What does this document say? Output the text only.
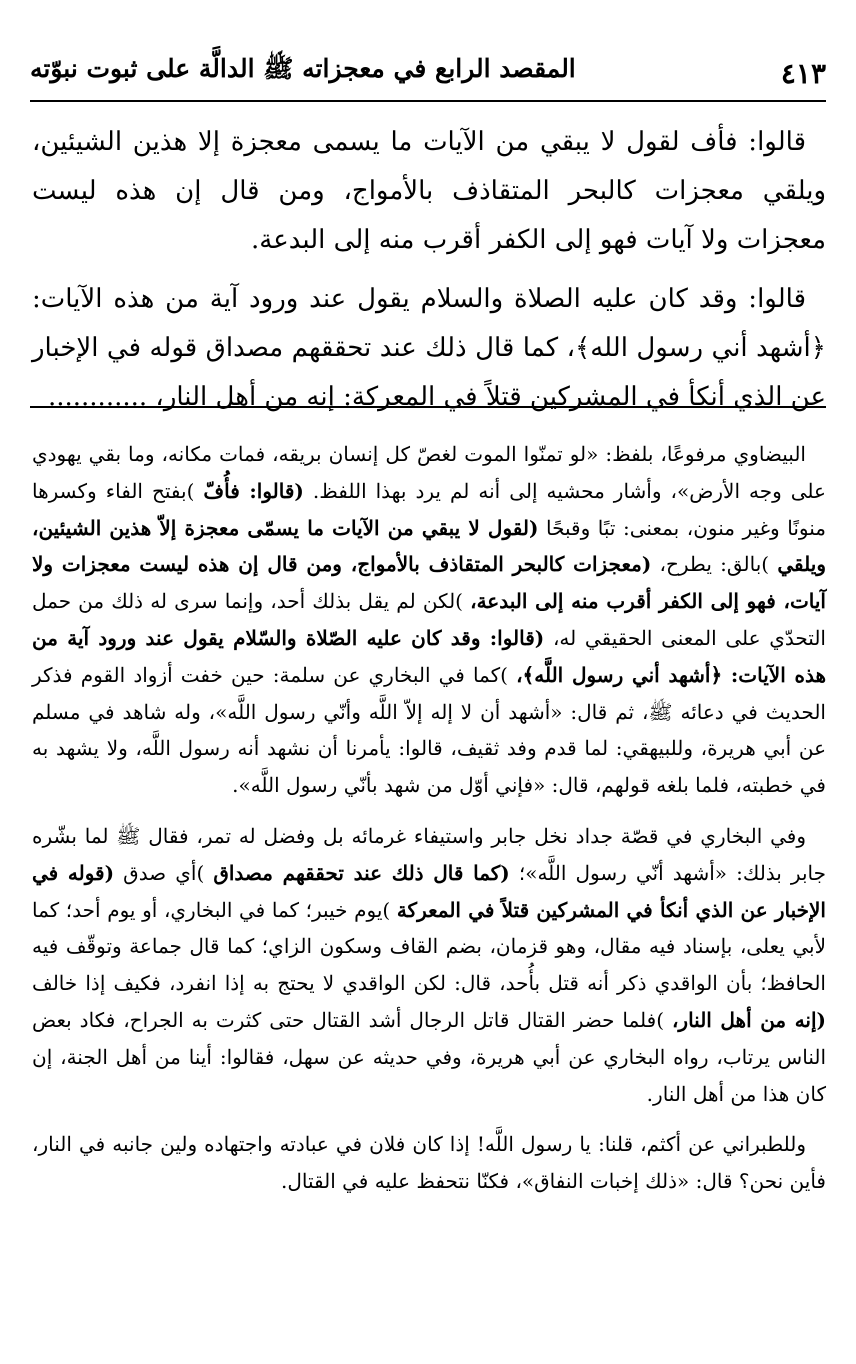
المقصد الرابع في معجزاته ﷺ الدالَّة على ثبوت نبوّته	٤١٣

قالوا: فأف لقول لا يبقي من الآيات ما يسمى معجزة إلا هذين الشيئين، ويلقي معجزات كالبحر المتقاذف بالأمواج، ومن قال إن هذه ليست معجزات ولا آيات فهو إلى الكفر أقرب منه إلى البدعة.

قالوا: وقد كان عليه الصلاة والسلام يقول عند ورود آية من هذه الآيات: ﴿أشهد أني رسول الله﴾، كما قال ذلك عند تحققهم مصداق قوله في الإخبار عن الذي أنكأ في المشركين قتلاً في المعركة: إنه من أهل النار، ............

البيضاوي مرفوعًا، بلفظ: «لو تمنّوا الموت لغصّ كل إنسان بريقه، فمات مكانه، وما بقي يهودي على وجه الأرض»، وأشار محشيه إلى أنه لم يرد بهذا اللفظ. (قالوا: فأُفّ )بفتح الفاء وكسرها منونًا وغير منون، بمعنى: تبًا وقبحًا (لقول لا يبقي من الآيات ما يسمّى معجزة إلاّ هذين الشيئين، ويلقي )بالق: يطرح، (معجزات كالبحر المتقاذف بالأمواج، ومن قال إن هذه ليست معجزات ولا آيات، فهو إلى الكفر أقرب منه إلى البدعة، )لكن لم يقل بذلك أحد، وإنما سرى له ذلك من حمل التحدّي على المعنى الحقيقي له، (قالوا: وقد كان عليه الصّلاة والسّلام يقول عند ورود آية من هذه الآيات: ﴿أشهد أني رسول اللَّه﴾، )كما في البخاري عن سلمة: حين خفت أزواد القوم فذكر الحديث في دعائه ﷺ، ثم قال: «أشهد أن لا إله إلاّ اللَّه وأنّي رسول اللَّه»، وله شاهد في مسلم عن أبي هريرة، وللبيهقي: لما قدم وفد ثقيف، قالوا: يأمرنا أن نشهد أنه رسول اللَّه، ولا يشهد به في خطبته، فلما بلغه قولهم، قال: «فإني أوّل من شهد بأنّي رسول اللَّه».

وفي البخاري في قصّة جداد نخل جابر واستيفاء غرمائه بل وفضل له تمر، فقال ﷺ لما بشّره جابر بذلك: «أشهد أنّي رسول اللَّه»؛ (كما قال ذلك عند تحققهم مصداق )أي صدق (قوله في الإخبار عن الذي أنكأ في المشركين قتلاً في المعركة )يوم خيبر؛ كما في البخاري، أو يوم أحد؛ كما لأبي يعلى، بإسناد فيه مقال، وهو قزمان، بضم القاف وسكون الزاي؛ كما قال جماعة وتوقّف فيه الحافظ؛ بأن الواقدي ذكر أنه قتل بأُحد، قال: لكن الواقدي لا يحتج به إذا انفرد، فكيف إذا خالف (إنه من أهل النار، )فلما حضر القتال قاتل الرجال أشد القتال حتى كثرت به الجراح، فكاد بعض الناس يرتاب، رواه البخاري عن أبي هريرة، وفي حديثه عن سهل، فقالوا: أينا من أهل الجنة، إن كان هذا من أهل النار.

وللطبراني عن أكثم، قلنا: يا رسول اللَّه! إذا كان فلان في عبادته واجتهاده ولين جانبه في النار، فأين نحن؟ قال: «ذلك إخبات النفاق»، فكنّا نتحفظ عليه في القتال.
